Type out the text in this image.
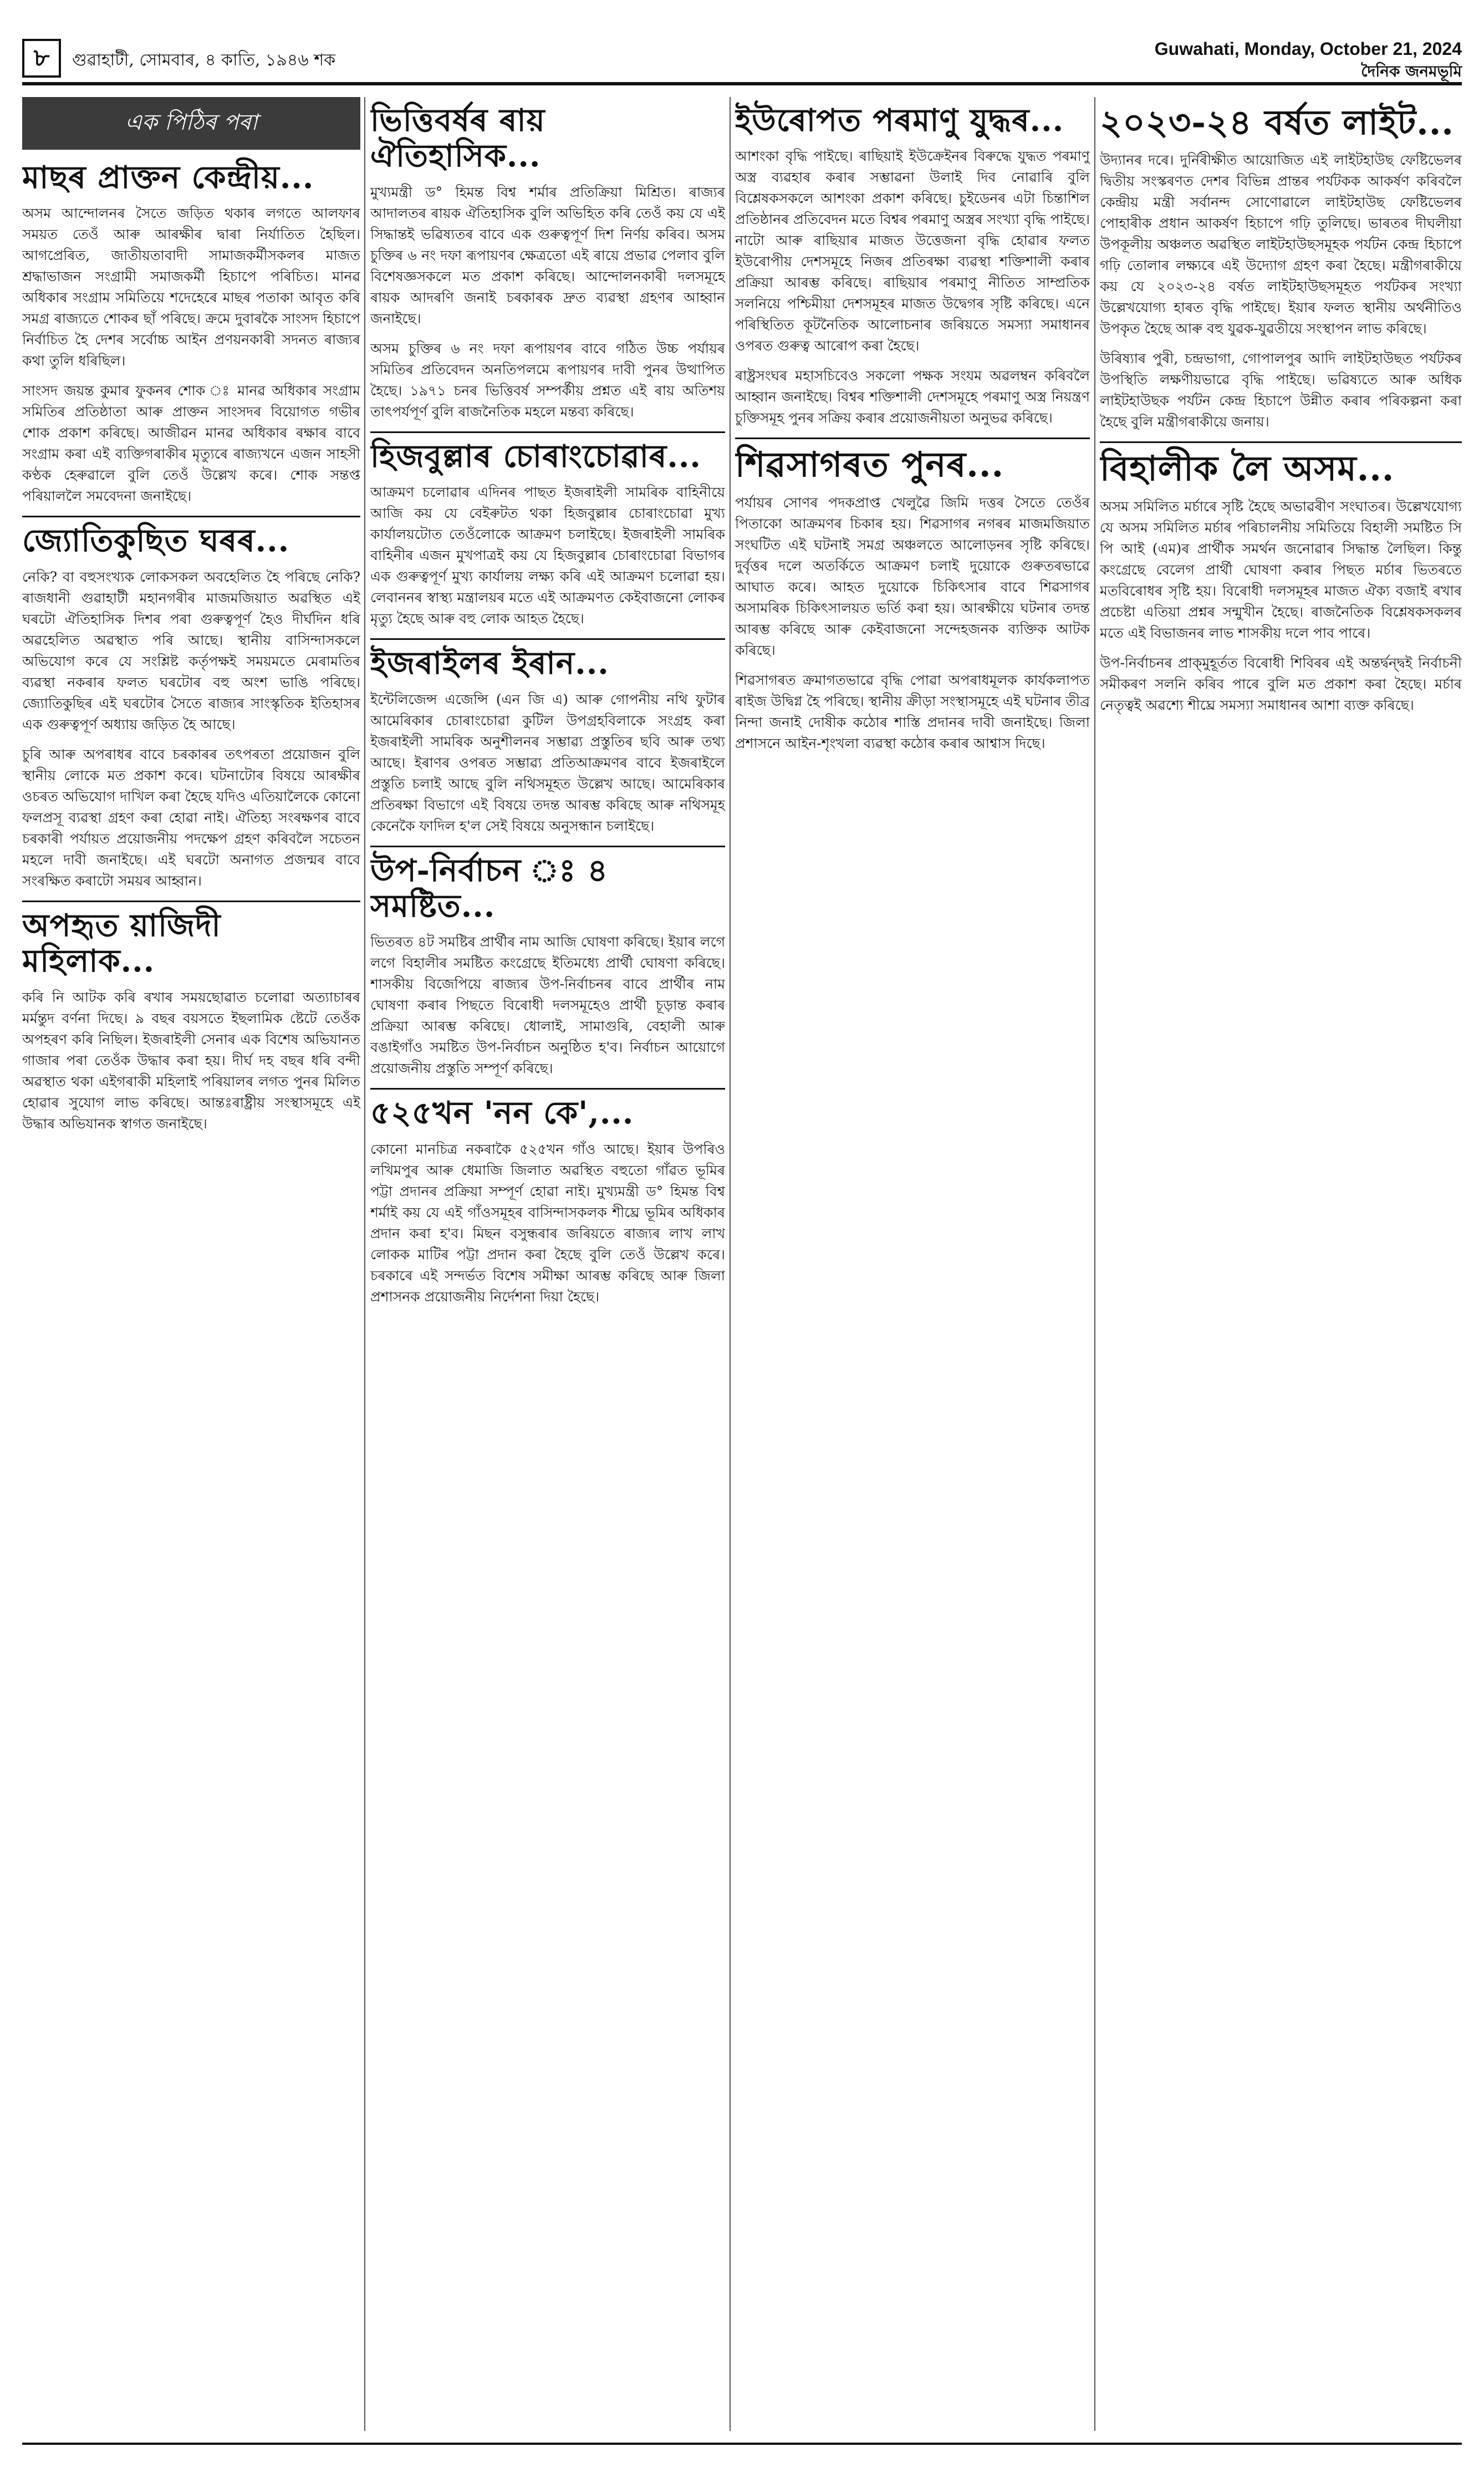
৮	গুৱাহাটী, সোমবাৰ, ৪ কাতি, ১৯৪৬ শক
Guwahati, Monday, October 21, 2024
দৈনিক জনমভূমি
এক পিঠিৰ পৰা
মাছৰ প্ৰাক্তন কেন্দ্ৰীয়...

অসম আন্দোলনৰ সৈতে জড়িত থকাৰ লগতে আলফাৰ সময়ত তেওঁ আৰু আৰক্ষীৰ দ্বাৰা নিৰ্যাতিত হৈছিল। আগপ্ৰেৰিত, জাতীয়তাবাদী সামাজকৰ্মীসকলৰ মাজত শ্ৰদ্ধাভাজন সংগ্ৰামী সমাজকৰ্মী হিচাপে পৰিচিত। মানৱ অধিকাৰ সংগ্ৰাম সমিতিয়ে শদেহেৰে মাছৰ পতাকা আবৃত কৰি সমগ্ৰ ৰাজ্যতে শোকৰ ছাঁ পৰিছে। ক্ৰমে দুবাৰকৈ সাংসদ হিচাপে নিৰ্বাচিত হৈ দেশৰ সৰ্বোচ্চ আইন প্ৰণয়নকাৰী সদনত ৰাজ্যৰ কথা তুলি ধৰিছিল।

সাংসদ জয়ন্ত কুমাৰ ফুকনৰ শোক ঃ মানৱ অধিকাৰ সংগ্ৰাম সমিতিৰ প্ৰতিষ্ঠাতা আৰু প্ৰাক্তন সাংসদৰ বিয়োগত গভীৰ শোক প্ৰকাশ কৰিছে। আজীৱন মানৱ অধিকাৰ ৰক্ষাৰ বাবে সংগ্ৰাম কৰা এই ব্যক্তিগৰাকীৰ মৃত্যুৰে ৰাজ্যখনে এজন সাহসী কণ্ঠক হেৰুৱালে বুলি তেওঁ উল্লেখ কৰে। শোক সন্তপ্ত পৰিয়াললৈ সমবেদনা জনাইছে।

জ্যোতিকুছিত ঘৰৰ...

নেকি? বা বহুসংখ্যক লোকসকল অবহেলিত হৈ পৰিছে নেকি? ৰাজধানী গুৱাহাটী মহানগৰীৰ মাজমজিয়াত অৱস্থিত এই ঘৰটো ঐতিহাসিক দিশৰ পৰা গুৰুত্বপূৰ্ণ হৈও দীৰ্ঘদিন ধৰি অৱহেলিত অৱস্থাত পৰি আছে। স্থানীয় বাসিন্দাসকলে অভিযোগ কৰে যে সংশ্লিষ্ট কৰ্তৃপক্ষই সময়মতে মেৰামতিৰ ব্যৱস্থা নকৰাৰ ফলত ঘৰটোৰ বহু অংশ ভাঙি পৰিছে। জ্যোতিকুছিৰ এই ঘৰটোৰ সৈতে ৰাজ্যৰ সাংস্কৃতিক ইতিহাসৰ এক গুৰুত্বপূৰ্ণ অধ্যায় জড়িত হৈ আছে।

চুৰি আৰু অপৰাধৰ বাবে চৰকাৰৰ তৎপৰতা প্ৰয়োজন বুলি স্থানীয় লোকে মত প্ৰকাশ কৰে। ঘটনাটোৰ বিষয়ে আৰক্ষীৰ ওচৰত অভিযোগ দাখিল কৰা হৈছে যদিও এতিয়ালৈকে কোনো ফলপ্ৰসূ ব্যৱস্থা গ্ৰহণ কৰা হোৱা নাই। ঐতিহ্য সংৰক্ষণৰ বাবে চৰকাৰী পৰ্যায়ত প্ৰয়োজনীয় পদক্ষেপ গ্ৰহণ কৰিবলৈ সচেতন মহলে দাবী জনাইছে। এই ঘৰটো অনাগত প্ৰজন্মৰ বাবে সংৰক্ষিত কৰাটো সময়ৰ আহ্বান।

অপহৃত য়াজিদী মহিলাক...

কৰি নি আটক কৰি ৰখাৰ সময়ছোৱাত চলোৱা অত্যাচাৰৰ মৰ্মন্তুদ বৰ্ণনা দিছে। ৯ বছৰ বয়সতে ইছলামিক ষ্টেটে তেওঁক অপহৰণ কৰি নিছিল। ইজৰাইলী সেনাৰ এক বিশেষ অভিযানত গাজাৰ পৰা তেওঁক উদ্ধাৰ কৰা হয়। দীৰ্ঘ দহ বছৰ ধৰি বন্দী অৱস্থাত থকা এইগৰাকী মহিলাই পৰিয়ালৰ লগত পুনৰ মিলিত হোৱাৰ সুযোগ লাভ কৰিছে। আন্তঃৰাষ্ট্ৰীয় সংস্থাসমূহে এই উদ্ধাৰ অভিযানক স্বাগত জনাইছে।

ভিত্তিবৰ্ষৰ ৰায় ঐতিহাসিক...

মুখ্যমন্ত্ৰী ড° হিমন্ত বিশ্ব শৰ্মাৰ প্ৰতিক্ৰিয়া মিশ্ৰিত। ৰাজ্যৰ আদালতৰ ৰায়ক ঐতিহাসিক বুলি অভিহিত কৰি তেওঁ কয় যে এই সিদ্ধান্তই ভৱিষ্যতৰ বাবে এক গুৰুত্বপূৰ্ণ দিশ নিৰ্ণয় কৰিব। অসম চুক্তিৰ ৬ নং দফা ৰূপায়ণৰ ক্ষেত্ৰতো এই ৰায়ে প্ৰভাৱ পেলাব বুলি বিশেষজ্ঞসকলে মত প্ৰকাশ কৰিছে। আন্দোলনকাৰী দলসমূহে ৰায়ক আদৰণি জনাই চৰকাৰক দ্ৰুত ব্যৱস্থা গ্ৰহণৰ আহ্বান জনাইছে।

অসম চুক্তিৰ ৬ নং দফা ৰূপায়ণৰ বাবে গঠিত উচ্চ পৰ্যায়ৰ সমিতিৰ প্ৰতিবেদন অনতিপলমে ৰূপায়ণৰ দাবী পুনৰ উত্থাপিত হৈছে। ১৯৭১ চনৰ ভিত্তিবৰ্ষ সম্পৰ্কীয় প্ৰশ্নত এই ৰায় অতিশয় তাৎপৰ্যপূৰ্ণ বুলি ৰাজনৈতিক মহলে মন্তব্য কৰিছে।

হিজবুল্লাৰ চোৰাংচোৱাৰ...

আক্ৰমণ চলোৱাৰ এদিনৰ পাছত ইজৰাইলী সামৰিক বাহিনীয়ে আজি কয় যে বেইৰুটত থকা হিজবুল্লাৰ চোৰাংচোৱা মুখ্য কাৰ্যালয়টোত তেওঁলোকে আক্ৰমণ চলাইছে। ইজৰাইলী সামৰিক বাহিনীৰ এজন মুখপাত্ৰই কয় যে হিজবুল্লাৰ চোৰাংচোৱা বিভাগৰ এক গুৰুত্বপূৰ্ণ মুখ্য কাৰ্যালয় লক্ষ্য কৰি এই আক্ৰমণ চলোৱা হয়। লেবাননৰ স্বাস্থ্য মন্ত্ৰালয়ৰ মতে এই আক্ৰমণত কেইবাজনো লোকৰ মৃত্যু হৈছে আৰু বহু লোক আহত হৈছে।

ইজৰাইলৰ ইৰান...

ইন্টেলিজেন্স এজেন্সি (এন জি এ) আৰু গোপনীয় নথি ফুটাৰ আমেৰিকাৰ চোৰাংচোৱা কুটিল উপগ্ৰহবিলাকে সংগ্ৰহ কৰা ইজৰাইলী সামৰিক অনুশীলনৰ সম্ভাৱ্য প্ৰস্তুতিৰ ছবি আৰু তথ্য আছে। ইৰাণৰ ওপৰত সম্ভাৱ্য প্ৰতিআক্ৰমণৰ বাবে ইজৰাইলে প্ৰস্তুতি চলাই আছে বুলি নথিসমূহত উল্লেখ আছে। আমেৰিকাৰ প্ৰতিৰক্ষা বিভাগে এই বিষয়ে তদন্ত আৰম্ভ কৰিছে আৰু নথিসমূহ কেনেকৈ ফাদিল হ'ল সেই বিষয়ে অনুসন্ধান চলাইছে।

উপ-নিৰ্বাচন ঃ ৪ সমষ্টিত...

ভিতৰত ৪ট সমষ্টিৰ প্ৰাৰ্থীৰ নাম আজি ঘোষণা কৰিছে। ইয়াৰ লগে লগে বিহালীৰ সমষ্টিত কংগ্ৰেছে ইতিমধ্যে প্ৰাৰ্থী ঘোষণা কৰিছে। শাসকীয় বিজেপিয়ে ৰাজ্যৰ উপ-নিৰ্বাচনৰ বাবে প্ৰাৰ্থীৰ নাম ঘোষণা কৰাৰ পিছতে বিৰোধী দলসমূহেও প্ৰাৰ্থী চূড়ান্ত কৰাৰ প্ৰক্ৰিয়া আৰম্ভ কৰিছে। ধোলাই, সামাগুৰি, বেহালী আৰু বঙাইগাঁও সমষ্টিত উপ-নিৰ্বাচন অনুষ্ঠিত হ'ব। নিৰ্বাচন আয়োগে প্ৰয়োজনীয় প্ৰস্তুতি সম্পূৰ্ণ কৰিছে।

৫২৫খন 'নন কে',...

কোনো মানচিত্ৰ নকৰাকৈ ৫২৫খন গাঁও আছে। ইয়াৰ উপৰিও লখিমপুৰ আৰু ধেমাজি জিলাত অৱস্থিত বহুতো গাঁৱত ভূমিৰ পট্টা প্ৰদানৰ প্ৰক্ৰিয়া সম্পূৰ্ণ হোৱা নাই। মুখ্যমন্ত্ৰী ড° হিমন্ত বিশ্ব শৰ্মাই কয় যে এই গাঁওসমূহৰ বাসিন্দাসকলক শীঘ্ৰে ভূমিৰ অধিকাৰ প্ৰদান কৰা হ'ব। মিছন বসুন্ধৰাৰ জৰিয়তে ৰাজ্যৰ লাখ লাখ লোকক মাটিৰ পট্টা প্ৰদান কৰা হৈছে বুলি তেওঁ উল্লেখ কৰে। চৰকাৰে এই সন্দৰ্ভত বিশেষ সমীক্ষা আৰম্ভ কৰিছে আৰু জিলা প্ৰশাসনক প্ৰয়োজনীয় নিৰ্দেশনা দিয়া হৈছে।

ইউৰোপত পৰমাণু যুদ্ধৰ...

আশংকা বৃদ্ধি পাইছে। ৰাছিয়াই ইউক্ৰেইনৰ বিৰুদ্ধে যুদ্ধত পৰমাণু অস্ত্ৰ ব্যৱহাৰ কৰাৰ সম্ভাৱনা উলাই দিব নোৱাৰি বুলি বিশ্লেষকসকলে আশংকা প্ৰকাশ কৰিছে। চুইডেনৰ এটা চিন্তাশিল প্ৰতিষ্ঠানৰ প্ৰতিবেদন মতে বিশ্বৰ পৰমাণু অস্ত্ৰৰ সংখ্যা বৃদ্ধি পাইছে। নাটো আৰু ৰাছিয়াৰ মাজত উত্তেজনা বৃদ্ধি হোৱাৰ ফলত ইউৰোপীয় দেশসমূহে নিজৰ প্ৰতিৰক্ষা ব্যৱস্থা শক্তিশালী কৰাৰ প্ৰক্ৰিয়া আৰম্ভ কৰিছে। ৰাছিয়াৰ পৰমাণু নীতিত সাম্প্ৰতিক সলনিয়ে পশ্চিমীয়া দেশসমূহৰ মাজত উদ্বেগৰ সৃষ্টি কৰিছে। এনে পৰিস্থিতিত কূটনৈতিক আলোচনাৰ জৰিয়তে সমস্যা সমাধানৰ ওপৰত গুৰুত্ব আৰোপ কৰা হৈছে।

ৰাষ্ট্ৰসংঘৰ মহাসচিবেও সকলো পক্ষক সংযম অৱলম্বন কৰিবলৈ আহ্বান জনাইছে। বিশ্বৰ শক্তিশালী দেশসমূহে পৰমাণু অস্ত্ৰ নিয়ন্ত্ৰণ চুক্তিসমূহ পুনৰ সক্ৰিয় কৰাৰ প্ৰয়োজনীয়তা অনুভৱ কৰিছে।

শিৱসাগৰত পুনৰ...

পৰ্যায়ৰ সোণৰ পদকপ্ৰাপ্ত খেলুৱৈ জিমি দত্তৰ সৈতে তেওঁৰ পিতাকো আক্ৰমণৰ চিকাৰ হয়। শিৱসাগৰ নগৰৰ মাজমজিয়াত সংঘটিত এই ঘটনাই সমগ্ৰ অঞ্চলতে আলোড়নৰ সৃষ্টি কৰিছে। দুৰ্বৃত্তৰ দলে অতৰ্কিতে আক্ৰমণ চলাই দুয়োকে গুৰুতৰভাৱে আঘাত কৰে। আহত দুয়োকে চিকিৎসাৰ বাবে শিৱসাগৰ অসামৰিক চিকিৎসালয়ত ভৰ্তি কৰা হয়। আৰক্ষীয়ে ঘটনাৰ তদন্ত আৰম্ভ কৰিছে আৰু কেইবাজনো সন্দেহজনক ব্যক্তিক আটক কৰিছে।

শিৱসাগৰত ক্ৰমাগতভাৱে বৃদ্ধি পোৱা অপৰাধমূলক কাৰ্যকলাপত ৰাইজ উদ্বিগ্ন হৈ পৰিছে। স্থানীয় ক্ৰীড়া সংস্থাসমূহে এই ঘটনাৰ তীব্ৰ নিন্দা জনাই দোষীক কঠোৰ শাস্তি প্ৰদানৰ দাবী জনাইছে। জিলা প্ৰশাসনে আইন-শৃংখলা ব্যৱস্থা কঠোৰ কৰাৰ আশ্বাস দিছে।

২০২৩-২৪ বৰ্ষত লাইট...

উদ্যানৰ দৰে। দুৰ্নিৰীক্ষীত আয়োজিত এই লাইটহাউছ ফেষ্টিভেলৰ দ্বিতীয় সংস্কৰণত দেশৰ বিভিন্ন প্ৰান্তৰ পৰ্যটকক আকৰ্ষণ কৰিবলৈ কেন্দ্ৰীয় মন্ত্ৰী সৰ্বানন্দ সোণোৱালে লাইটহাউছ ফেষ্টিভেলৰ পোহাৰীক প্ৰধান আকৰ্ষণ হিচাপে গঢ়ি তুলিছে। ভাৰতৰ দীঘলীয়া উপকূলীয় অঞ্চলত অৱস্থিত লাইটহাউছসমূহক পৰ্যটন কেন্দ্ৰ হিচাপে গঢ়ি তোলাৰ লক্ষ্যৰে এই উদ্যোগ গ্ৰহণ কৰা হৈছে। মন্ত্ৰীগৰাকীয়ে কয় যে ২০২৩-২৪ বৰ্ষত লাইটহাউছসমূহত পৰ্যটকৰ সংখ্যা উল্লেখযোগ্য হাৰত বৃদ্ধি পাইছে। ইয়াৰ ফলত স্থানীয় অৰ্থনীতিও উপকৃত হৈছে আৰু বহু যুৱক-যুৱতীয়ে সংস্থাপন লাভ কৰিছে।

উৰিষ্যাৰ পুৰী, চন্দ্ৰভাগা, গোপালপুৰ আদি লাইটহাউছত পৰ্যটকৰ উপস্থিতি লক্ষণীয়ভাৱে বৃদ্ধি পাইছে। ভৱিষ্যতে আৰু অধিক লাইটহাউছক পৰ্যটন কেন্দ্ৰ হিচাপে উন্নীত কৰাৰ পৰিকল্পনা কৰা হৈছে বুলি মন্ত্ৰীগৰাকীয়ে জনায়।

বিহালীক লৈ অসম...

অসম সমিলিত মৰ্চাৰে সৃষ্টি হৈছে অভাৱৰীণ সংঘাতৰ। উল্লেখযোগ্য যে অসম সমিলিত মৰ্চাৰ পৰিচালনীয় সমিতিয়ে বিহালী সমষ্টিত সি পি আই (এম)ৰ প্ৰাৰ্থীক সমৰ্থন জনোৱাৰ সিদ্ধান্ত লৈছিল। কিন্তু কংগ্ৰেছে বেলেগ প্ৰাৰ্থী ঘোষণা কৰাৰ পিছত মৰ্চাৰ ভিতৰতে মতবিৰোধৰ সৃষ্টি হয়। বিৰোধী দলসমূহৰ মাজত ঐক্য বজাই ৰখাৰ প্ৰচেষ্টা এতিয়া প্ৰশ্নৰ সন্মুখীন হৈছে। ৰাজনৈতিক বিশ্লেষকসকলৰ মতে এই বিভাজনৰ লাভ শাসকীয় দলে পাব পাৰে।

উপ-নিৰ্বাচনৰ প্ৰাক্‌মুহূৰ্তত বিৰোধী শিবিৰৰ এই অন্তৰ্দ্বন্দ্বই নিৰ্বাচনী সমীকৰণ সলনি কৰিব পাৰে বুলি মত প্ৰকাশ কৰা হৈছে। মৰ্চাৰ নেতৃত্বই অৱশ্যে শীঘ্ৰে সমস্যা সমাধানৰ আশা ব্যক্ত কৰিছে।
